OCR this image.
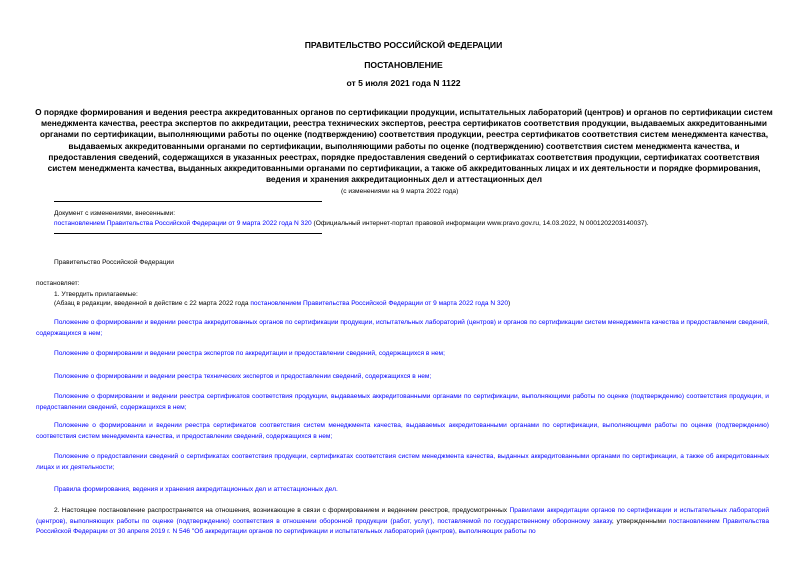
ПРАВИТЕЛЬСТВО РОССИЙСКОЙ ФЕДЕРАЦИИ
ПОСТАНОВЛЕНИЕ
от 5 июля 2021 года N 1122
О порядке формирования и ведения реестра аккредитованных органов по сертификации продукции, испытательных лабораторий (центров) и органов по сертификации систем менеджмента качества, реестра экспертов по аккредитации, реестра технических экспертов, реестра сертификатов соответствия продукции, выдаваемых аккредитованными органами по сертификации, выполняющими работы по оценке (подтверждению) соответствия продукции, реестра сертификатов соответствия систем менеджмента качества, выдаваемых аккредитованными органами по сертификации, выполняющими работы по оценке (подтверждению) соответствия систем менеджмента качества, и предоставления сведений, содержащихся в указанных реестрах, порядке предоставления сведений о сертификатах соответствия продукции, сертификатах соответствия систем менеджмента качества, выданных аккредитованными органами по сертификации, а также об аккредитованных лицах и их деятельности и порядке формирования, ведения и хранения аккредитационных дел и аттестационных дел
(с изменениями на 9 марта 2022 года)
Документ с изменениями, внесенными:
постановлением Правительства Российской Федерации от 9 марта 2022 года N 320 (Официальный интернет-портал правовой информации www.pravo.gov.ru, 14.03.2022, N 0001202203140037).
Правительство Российской Федерации
постановляет:
1. Утвердить прилагаемые:
(Абзац в редакции, введенной в действие с 22 марта 2022 года постановлением Правительства Российской Федерации от 9 марта 2022 года N 320)
Положение о формировании и ведении реестра аккредитованных органов по сертификации продукции, испытательных лабораторий (центров) и органов по сертификации систем менеджмента качества и предоставлении сведений, содержащихся в нем;
Положение о формировании и ведении реестра экспертов по аккредитации и предоставлении сведений, содержащихся в нем;
Положение о формировании и ведении реестра технических экспертов и предоставлении сведений, содержащихся в нем;
Положение о формировании и ведении реестра сертификатов соответствия продукции, выдаваемых аккредитованными органами по сертификации, выполняющими работы по оценке (подтверждению) соответствия продукции, и предоставлении сведений, содержащихся в нем;
Положение о формировании и ведении реестра сертификатов соответствия систем менеджмента качества, выдаваемых аккредитованными органами по сертификации, выполняющими работы по оценке (подтверждению) соответствия систем менеджмента качества, и предоставлении сведений, содержащихся в нем;
Положение о предоставлении сведений о сертификатах соответствия продукции, сертификатах соответствия систем менеджмента качества, выданных аккредитованными органами по сертификации, а также об аккредитованных лицах и их деятельности;
Правила формирования, ведения и хранения аккредитационных дел и аттестационных дел.
2. Настоящее постановление распространяется на отношения, возникающие в связи с формированием и ведением реестров, предусмотренных Правилами аккредитации органов по сертификации и испытательных лабораторий (центров), выполняющих работы по оценке (подтверждению) соответствия в отношении оборонной продукции (работ, услуг), поставляемой по государственному оборонному заказу, утвержденными постановлением Правительства Российской Федерации от 30 апреля 2019 г. N 546 "Об аккредитации органов по сертификации и испытательных лабораторий (центров), выполняющих работы по
